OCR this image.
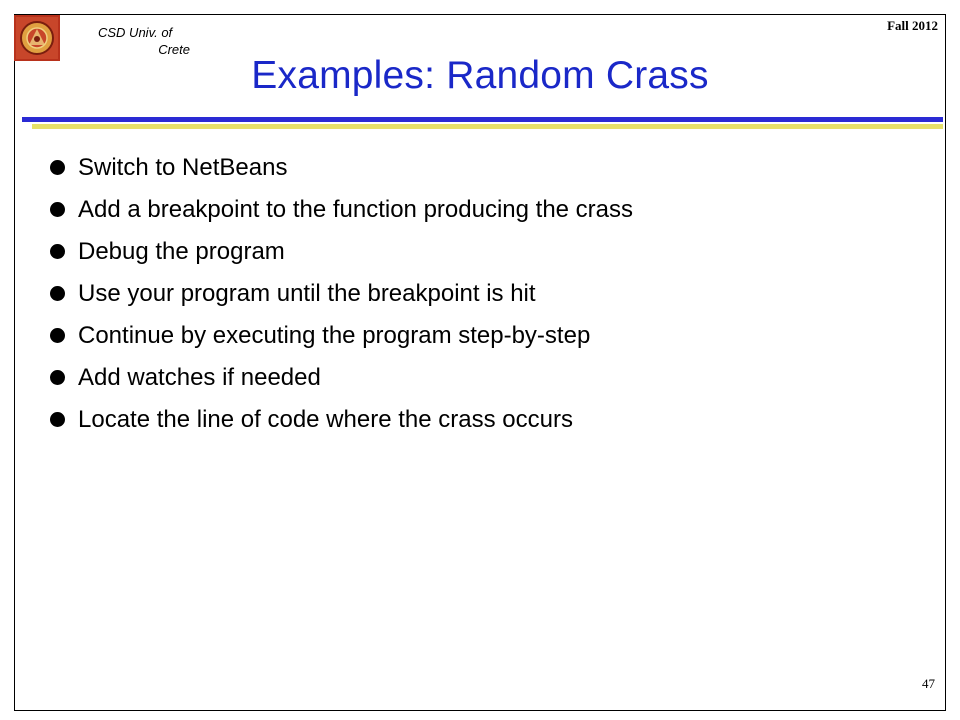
CSD Univ. of
Crete
Fall 2012
Examples: Random Crass
Switch to NetBeans
Add a breakpoint to the function producing the crass
Debug the program
Use your program until the breakpoint is hit
Continue by executing the program step-by-step
Add watches if needed
Locate the line of code where the crass occurs
47
